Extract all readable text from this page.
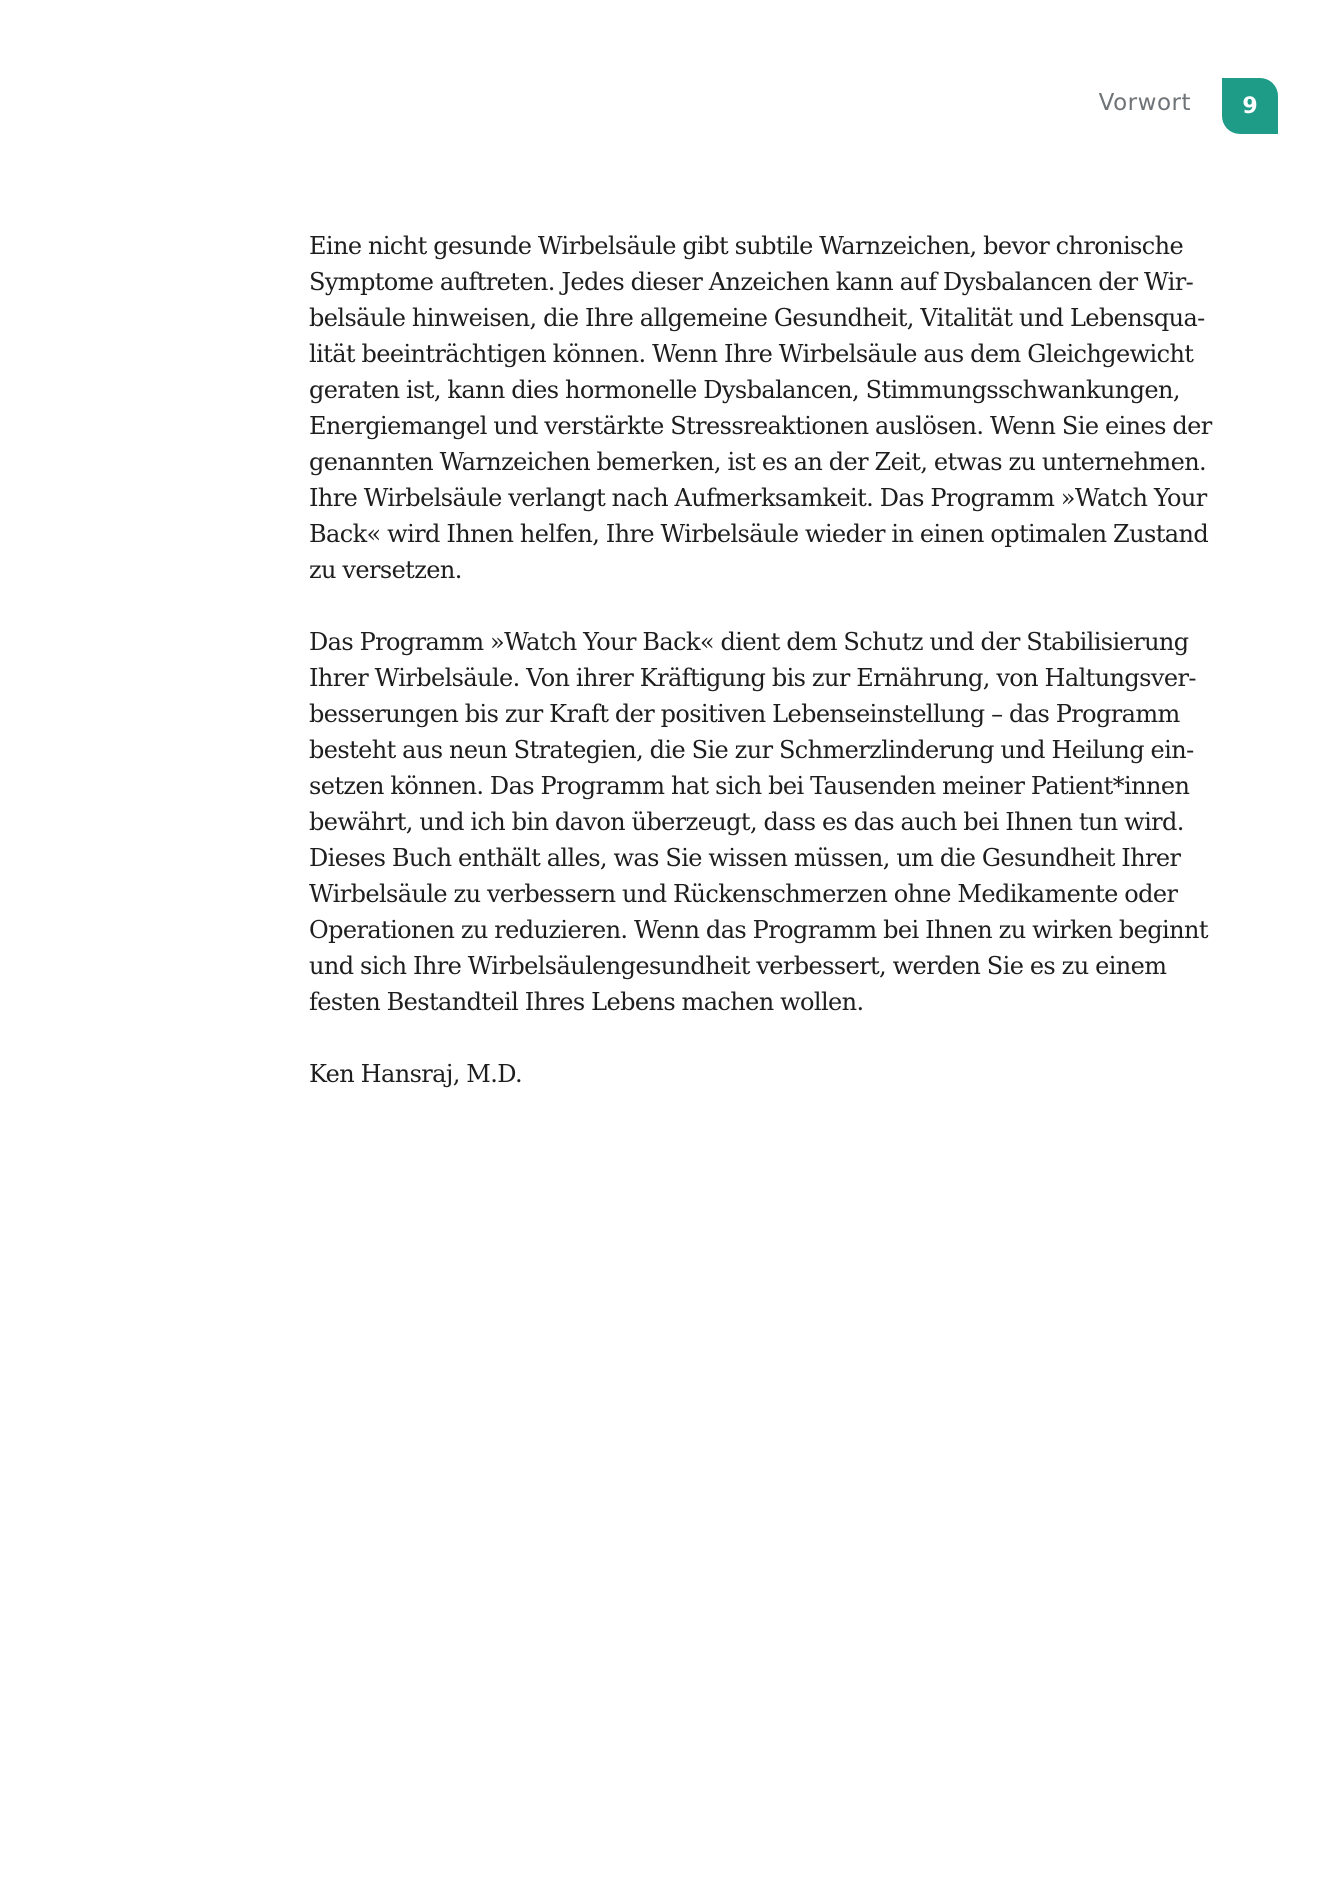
Vorwort	9

Eine nicht gesunde Wirbelsäule gibt subtile Warnzeichen, bevor chronische
Symptome auftreten. Jedes dieser Anzeichen kann auf Dysbalancen der Wir-
belsäule hinweisen, die Ihre allgemeine Gesundheit, Vitalität und Lebensqua-
lität beeinträchtigen können. Wenn Ihre Wirbelsäule aus dem Gleichgewicht
geraten ist, kann dies hormonelle Dysbalancen, Stimmungsschwankungen,
Energiemangel und verstärkte Stressreaktionen auslösen. Wenn Sie eines der
genannten Warnzeichen bemerken, ist es an der Zeit, etwas zu unternehmen.
Ihre Wirbelsäule verlangt nach Aufmerksamkeit. Das Programm »Watch Your
Back« wird Ihnen helfen, Ihre Wirbelsäule wieder in einen optimalen Zustand
zu versetzen.

Das Programm »Watch Your Back« dient dem Schutz und der Stabilisierung
Ihrer Wirbelsäule. Von ihrer Kräftigung bis zur Ernährung, von Haltungsver-
besserungen bis zur Kraft der positiven Lebenseinstellung – das Programm
besteht aus neun Strategien, die Sie zur Schmerzlinderung und Heilung ein-
setzen können. Das Programm hat sich bei Tausenden meiner Patient*innen
bewährt, und ich bin davon überzeugt, dass es das auch bei Ihnen tun wird.
Dieses Buch enthält alles, was Sie wissen müssen, um die Gesundheit Ihrer
Wirbelsäule zu verbessern und Rückenschmerzen ohne Medikamente oder
Operationen zu reduzieren. Wenn das Programm bei Ihnen zu wirken beginnt
und sich Ihre Wirbelsäulengesundheit verbessert, werden Sie es zu einem
festen Bestandteil Ihres Lebens machen wollen.

Ken Hansraj, M.D.
